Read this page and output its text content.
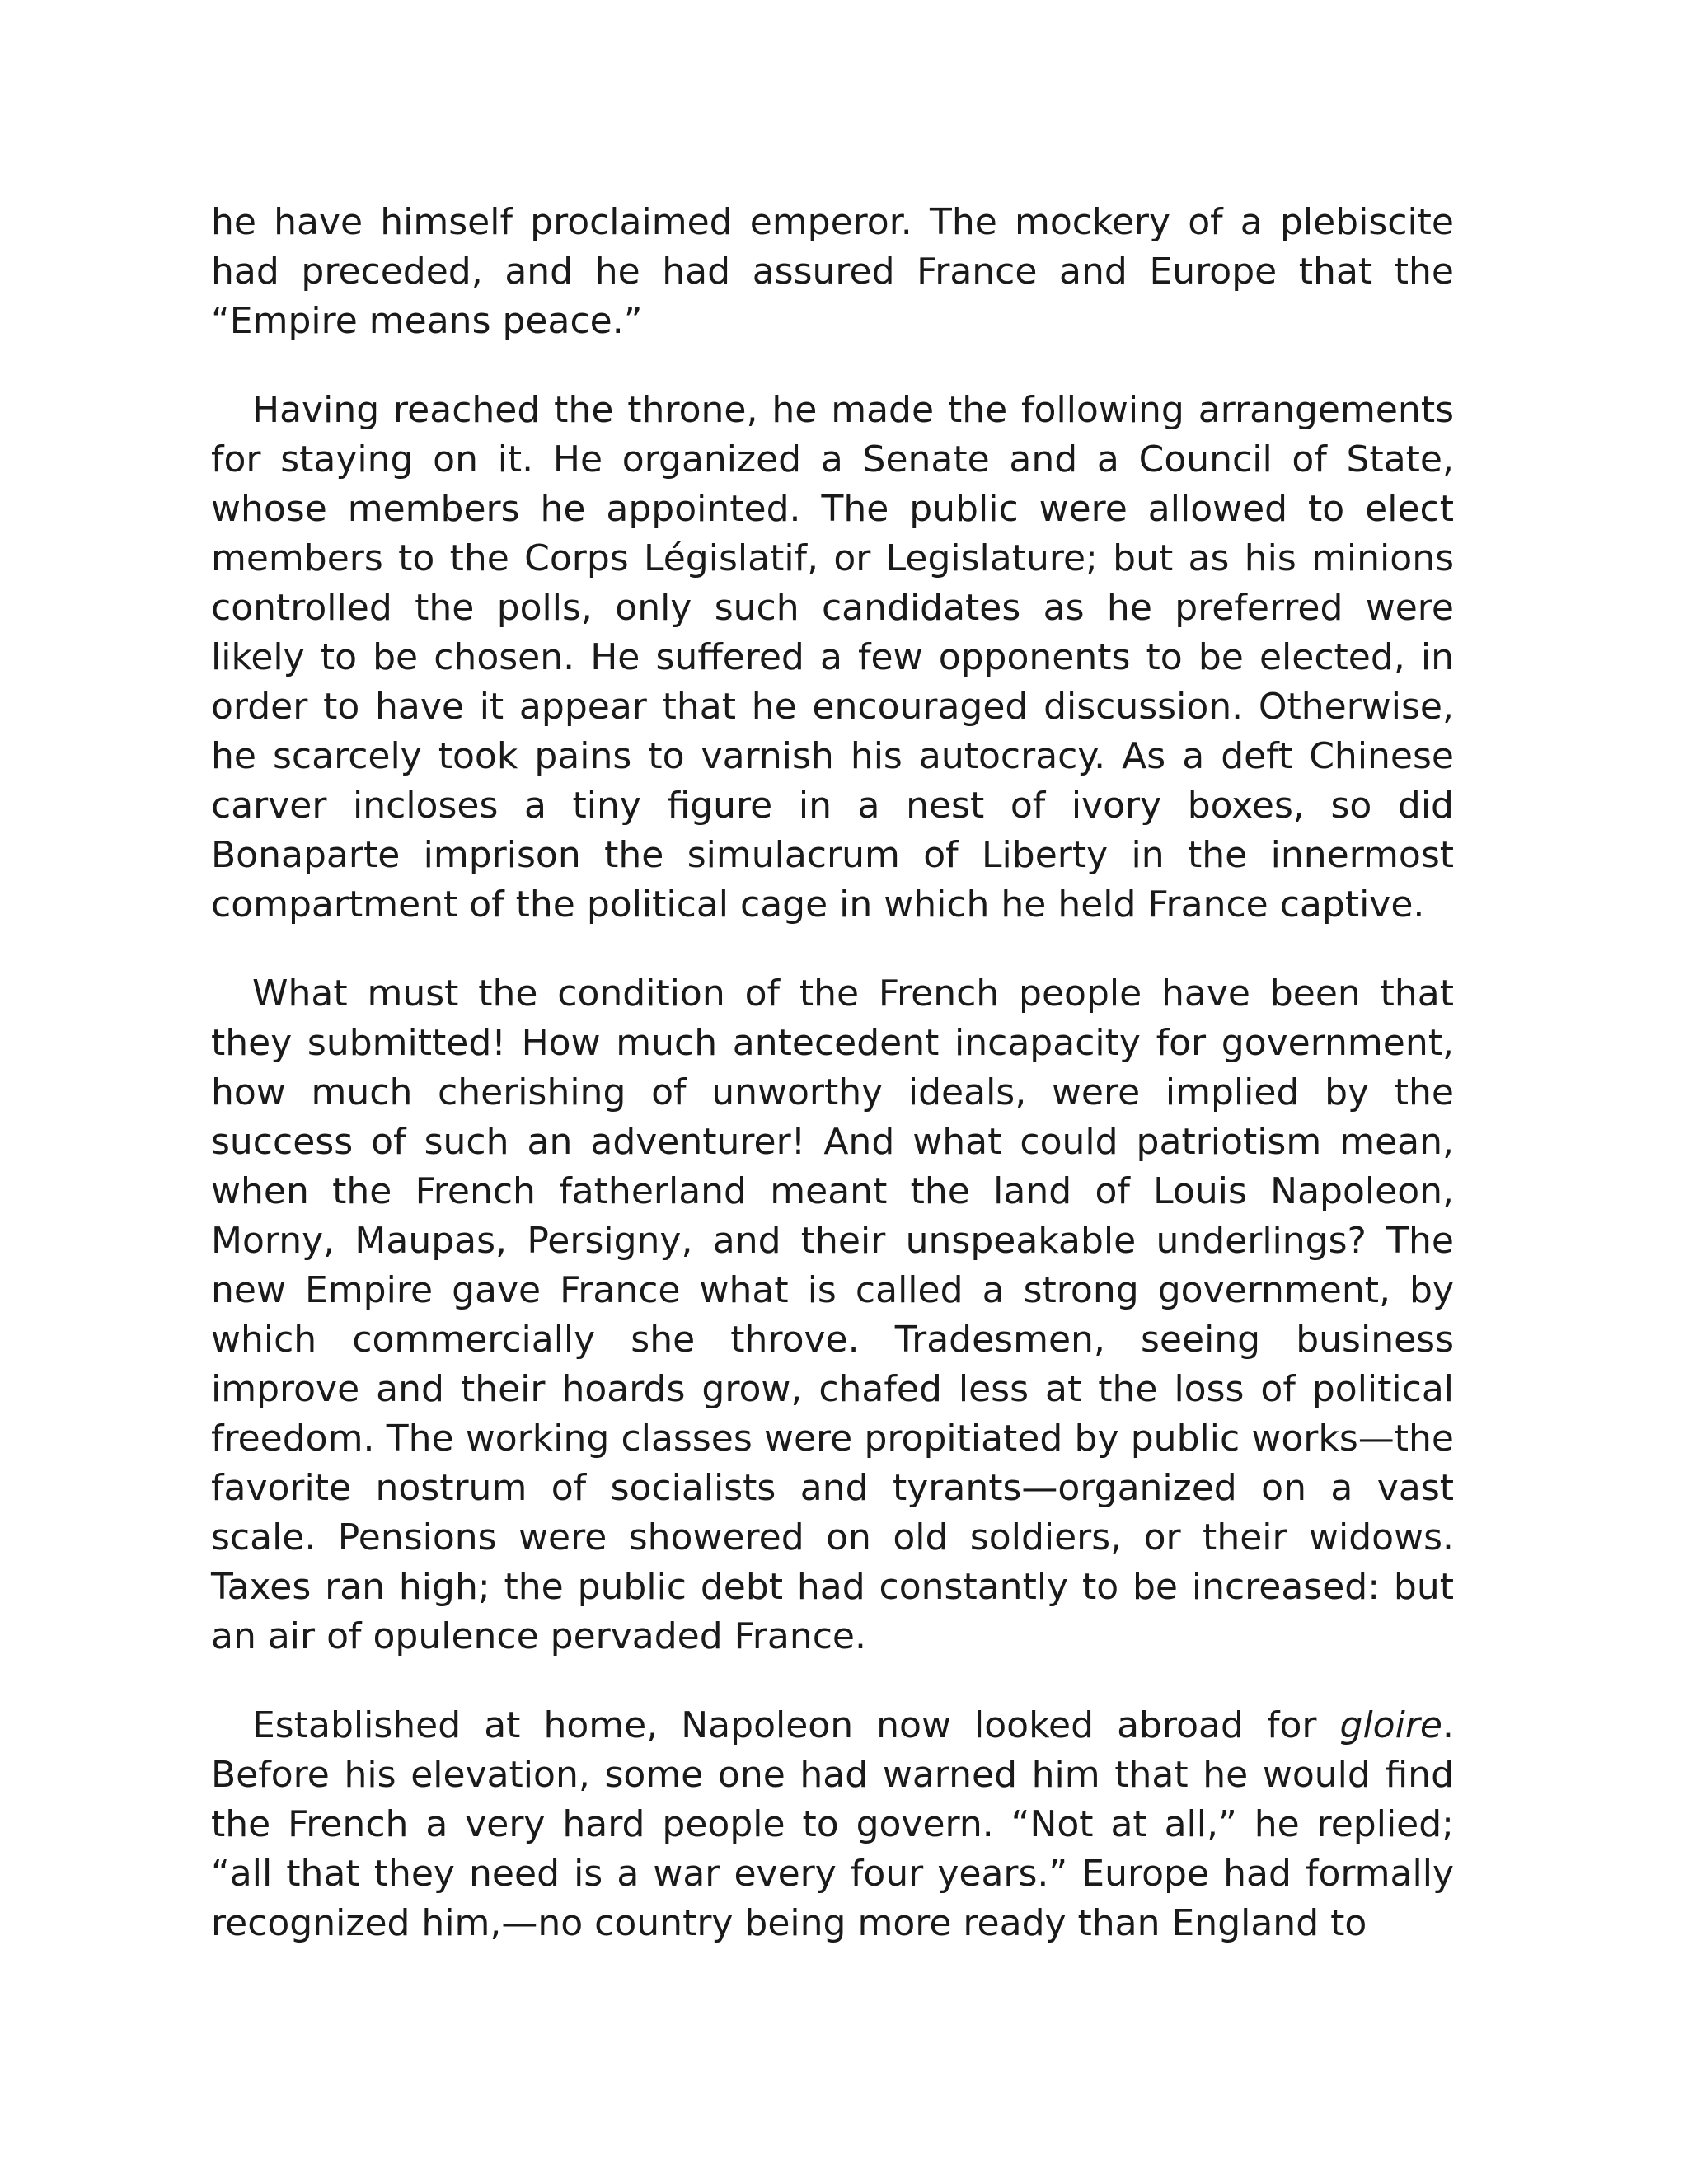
he have himself proclaimed emperor. The mockery of a plebiscite had preceded, and he had assured France and Europe that the “Empire means peace.”

Having reached the throne, he made the following arrangements for staying on it. He organized a Senate and a Council of State, whose members he appointed. The public were allowed to elect members to the Corps Législatif, or Legislature; but as his minions controlled the polls, only such candidates as he preferred were likely to be chosen. He suffered a few opponents to be elected, in order to have it appear that he encouraged discussion. Otherwise, he scarcely took pains to varnish his autocracy. As a deft Chinese carver incloses a tiny figure in a nest of ivory boxes, so did Bonaparte imprison the simulacrum of Liberty in the innermost compartment of the political cage in which he held France captive.

What must the condition of the French people have been that they submitted! How much antecedent incapacity for government, how much cherishing of unworthy ideals, were implied by the success of such an adventurer! And what could patriotism mean, when the French fatherland meant the land of Louis Napoleon, Morny, Maupas, Persigny, and their unspeakable underlings? The new Empire gave France what is called a strong government, by which commercially she throve. Tradesmen, seeing business improve and their hoards grow, chafed less at the loss of political freedom. The working classes were propitiated by public works—the favorite nostrum of socialists and tyrants—organized on a vast scale. Pensions were showered on old soldiers, or their widows. Taxes ran high; the public debt had constantly to be increased: but an air of opulence pervaded France.

Established at home, Napoleon now looked abroad for gloire. Before his elevation, some one had warned him that he would find the French a very hard people to govern. “Not at all,” he replied; “all that they need is a war every four years.” Europe had formally recognized him,—no country being more ready than England to
